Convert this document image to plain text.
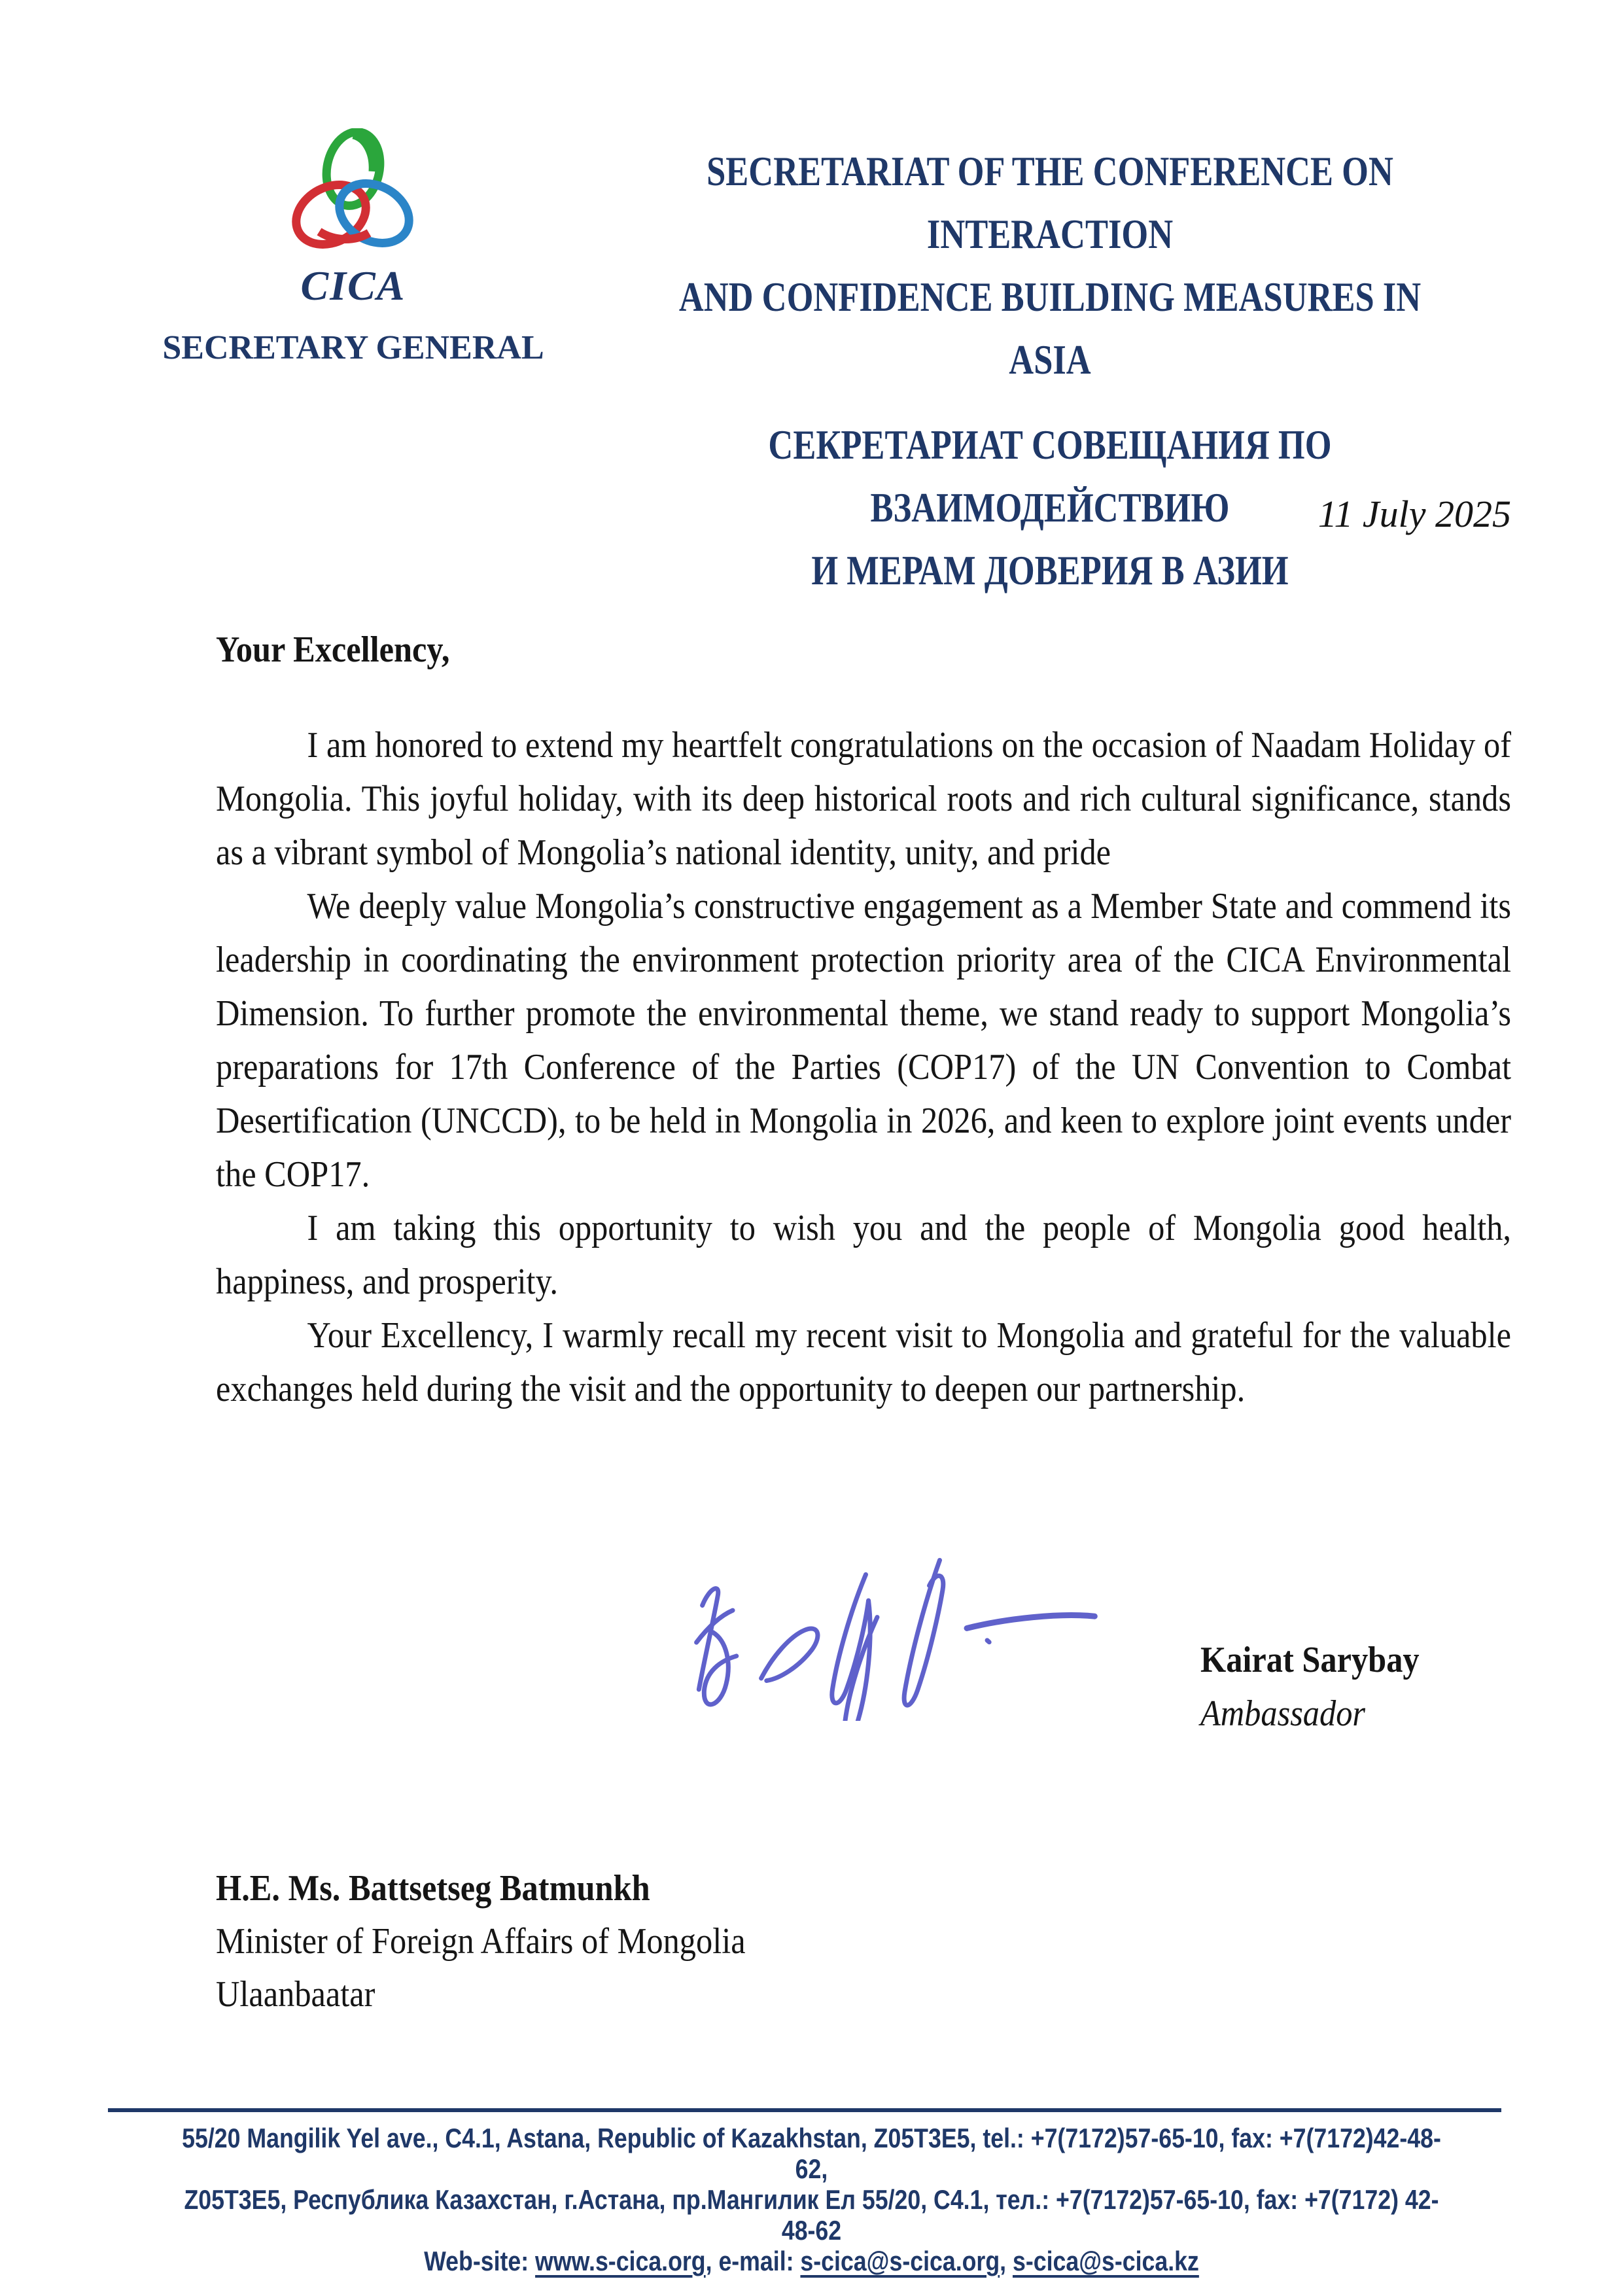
CICA
SECRETARY GENERAL
SECRETARIAT OF THE CONFERENCE ON INTERACTION
AND CONFIDENCE BUILDING MEASURES IN ASIA
СЕКРЕТАРИАТ СОВЕЩАНИЯ ПО ВЗАИМОДЕЙСТВИЮ
И МЕРАМ ДОВЕРИЯ В АЗИИ
11 July 2025

Your Excellency,

I am honored to extend my heartfelt congratulations on the occasion of Naadam Holiday of Mongolia. This joyful holiday, with its deep historical roots and rich cultural significance, stands as a vibrant symbol of Mongolia’s national identity, unity, and pride

We deeply value Mongolia’s constructive engagement as a Member State and commend its leadership in coordinating the environment protection priority area of the CICA Environmental Dimension. To further promote the environmental theme, we stand ready to support Mongolia’s preparations for 17th Conference of the Parties (COP17) of the UN Convention to Combat Desertification (UNCCD), to be held in Mongolia in 2026, and keen to explore joint events under the COP17.

I am taking this opportunity to wish you and the people of Mongolia good health, happiness, and prosperity.

Your Excellency, I warmly recall my recent visit to Mongolia and grateful for the valuable exchanges held during the visit and the opportunity to deepen our partnership.

Kairat Sarybay
Ambassador
H.E. Ms. Battsetseg Batmunkh
Minister of Foreign Affairs of Mongolia
Ulaanbaatar
55/20 Mangilik Yel ave., C4.1, Astana, Republic of Kazakhstan, Z05T3E5, tel.: +7(7172)57-65-10, fax: +7(7172)42-48-62,
Z05T3E5, Республика Казахстан, г.Астана, пр.Мангилик Ел 55/20, С4.1, тел.: +7(7172)57-65-10, fax: +7(7172) 42-48-62
Web-site: www.s-cica.org, e-mail: s-cica@s-cica.org, s-cica@s-cica.kz
